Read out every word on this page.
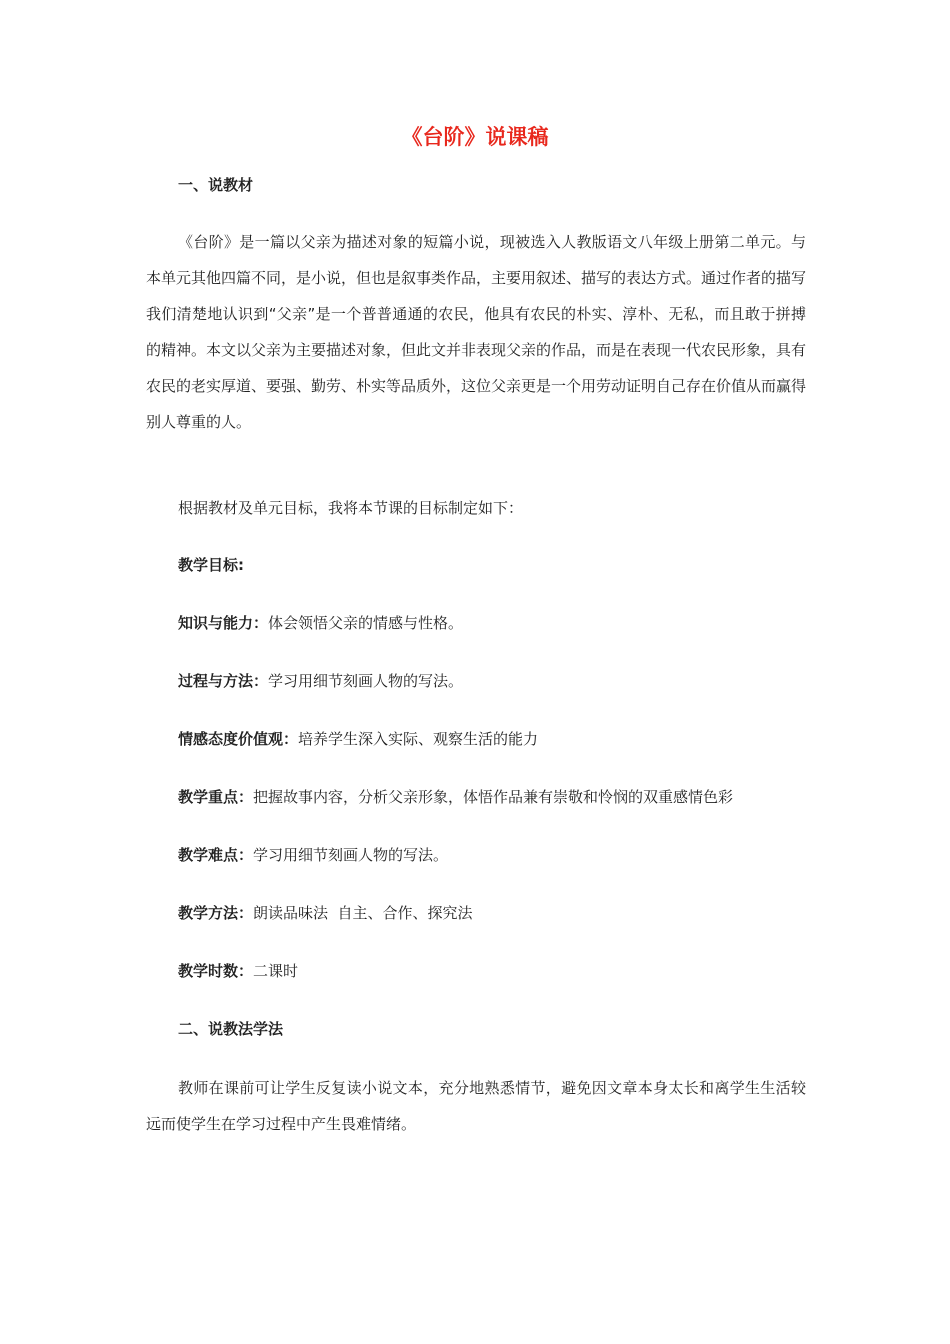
《台阶》说课稿
一、说教材
《台阶》是一篇以父亲为描述对象的短篇小说，现被选入人教版语文八年级上册第二单元。与本单元其他四篇不同，是小说，但也是叙事类作品，主要用叙述、描写的表达方式。通过作者的描写我们清楚地认识到“父亲”是一个普普通通的农民，他具有农民的朴实、淳朴、无私，而且敢于拼搏的精神。本文以父亲为主要描述对象，但此文并非表现父亲的作品，而是在表现一代农民形象，具有农民的老实厚道、要强、勤劳、朴实等品质外，这位父亲更是一个用劳动证明自己存在价值从而赢得别人尊重的人。
根据教材及单元目标，我将本节课的目标制定如下：
教学目标:
知识与能力：体会领悟父亲的情感与性格。
过程与方法：学习用细节刻画人物的写法。
情感态度价值观：培养学生深入实际、观察生活的能力
教学重点：把握故事内容，分析父亲形象，体悟作品兼有崇敬和怜悯的双重感情色彩
教学难点：学习用细节刻画人物的写法。
教学方法：朗读品味法  自主、合作、探究法
教学时数：二课时
二、说教法学法
教师在课前可让学生反复读小说文本，充分地熟悉情节，避免因文章本身太长和离学生生活较远而使学生在学习过程中产生畏难情绪。
